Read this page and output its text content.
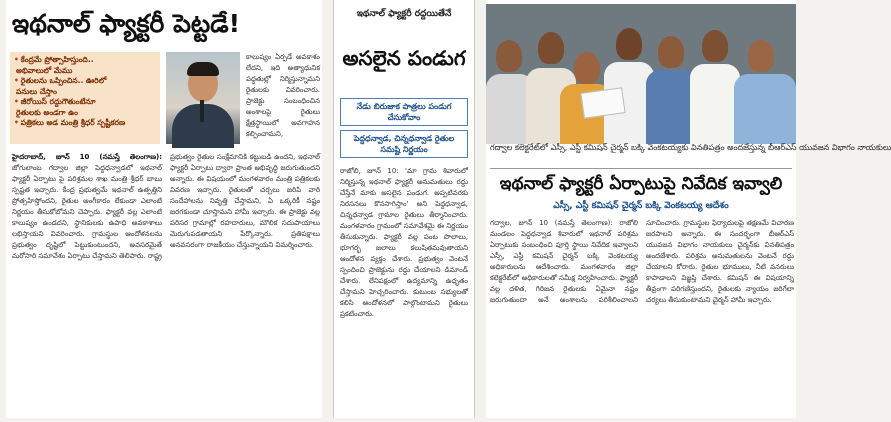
ఇథనాల్ ఫ్యాక్టరీ పెట్టడే!
• కేంద్రమే ప్రోత్సాహిస్తుంది..
అభివాలులో మేము
• రైతులను ఒప్పించిన.. ఊరిలో
పనులు చేస్తాం
• జీరోయిస్ రద్దుగౌతుంటేనూ
రైతులకు అండగా ఉం
• పత్రికలు అడ మంత్రి శ్రీధర్ స్పష్టీకరణ
కాలుష్యం ఏర్పడే అవకాశం లేదని, ఇది అత్యాధునిక పద్ధతుల్లో నిర్మిస్తున్నామని రైతులకు వివరించారు. ప్రాజెక్టు సంబంధించిన అంశాలపై రైతులు క్షేత్రస్థాయిలో అవగాహన కల్పించామని,
హైదరాబాద్, జూన్ 10 (నమస్తే తెలంగాణ): జోగులాంబ గద్వాల జిల్లా పెద్దధన్వాడలో ఇథనాల్ ఫ్యాక్టరీ ఏర్పాటు పై పరిశ్రమల శాఖ మంత్రి శ్రీధర్ బాబు స్పష్టత ఇచ్చారు. కేంద్ర ప్రభుత్వమే ఇథనాల్ ఉత్పత్తిని ప్రోత్సహిస్తోందని, రైతుల అంగీకారం లేకుండా ఎలాంటి నిర్ణయం తీసుకోబోమని చెప్పారు. ఫ్యాక్టరీ వల్ల ఎలాంటి కాలుష్యం ఉండదని, స్థానికులకు ఉపాధి అవకాశాలు లభిస్తాయని వివరించారు. గ్రామస్థుల ఆందోళనలను ప్రభుత్వం దృష్టిలో పెట్టుకుంటుందని, అవసరమైతే మరోసారి సమావేశం ఏర్పాటు చేస్తామని తెలిపారు. రాష్ట్ర ప్రభుత్వం రైతుల సంక్షేమానికి కట్టుబడి ఉందని, ఇథనాల్ ఫ్యాక్టరీ ఏర్పాటు ద్వారా ప్రాంత అభివృద్ధి జరుగుతుందని అన్నారు. ఈ విషయంలో మంగళవారం మంత్రి పత్రికలకు వివరణ ఇచ్చారు. రైతులతో చర్చలు జరిపి వారి సందేహాలను నివృత్తి చేస్తామని, ఏ ఒక్కరికీ నష్టం జరగకుండా చూస్తామని హామీ ఇచ్చారు. ఈ ప్రాజెక్టు వల్ల పరిసర గ్రామాల్లో రహదారులు, మౌలిక సదుపాయాలు మెరుగుపడతాయని పేర్కొన్నారు. ప్రతిపక్షాలు అనవసరంగా రాజకీయం చేస్తున్నాయని విమర్శించారు.
ఇథనాల్ ఫ్యాక్టరీ రద్దయితేనే
అసలైన పండుగ
నేడు బిరుజాక పాత్రలు పండుగ చేసుకోవాం
పెద్దధన్వాడ, చిన్నధన్వాడ రైతుల సమష్టి నిర్ణయం
రాజోలి, జూన్ 10: 'మా గ్రామ శివారులో నిర్మిస్తున్న ఇథనాల్ ఫ్యాక్టరీ అనుమతులు రద్దు చేస్తేనే మాకు అసలైన పండుగ. అప్పటివరకు నిరసనలు కొనసాగిస్తాం' అని పెద్దధన్వాడ, చిన్నధన్వాడ గ్రామాల రైతులు తీర్మానించారు. మంగళవారం గ్రామంలో సమావేశమై ఈ నిర్ణయం తీసుకున్నారు. ఫ్యాక్టరీ వల్ల పంట పొలాలు, భూగర్భ జలాలు కలుషితమవుతాయని ఆందోళన వ్యక్తం చేశారు. ప్రభుత్వం వెంటనే స్పందించి ప్రాజెక్టును రద్దు చేయాలని డిమాండ్ చేశారు. లేనిపక్షంలో ఉద్యమాన్ని ఉధృతం చేస్తామని హెచ్చరించారు. కుటుంబ సభ్యులతో కలిసి ఆందోళనలో పాల్గొంటామని రైతులు ప్రకటించారు.
గద్వాల కలెక్టరేట్‌లో ఎస్సీ, ఎస్టీ కమిషన్ చైర్మన్ బక్కి వెంకటయ్యకు వినతిపత్రం అందజేస్తున్న బీఆర్ఎస్ యువజన విభాగం నాయకులు
ఇథనాల్ ఫ్యాక్టరీ ఏర్పాటుపై నివేదిక ఇవ్వాలి
ఎస్సీ, ఎస్టీ కమిషన్ చైర్మన్ బక్కి వెంకటయ్య ఆదేశం
గద్వాల, జూన్ 10 (నమస్తే తెలంగాణ): రాజోలి మండలం పెద్దధన్వాడ శివారులో ఇథనాల్ పరిశ్రమ ఏర్పాటుకు సంబంధించి పూర్తి స్థాయి నివేదిక ఇవ్వాలని ఎస్సీ, ఎస్టీ కమిషన్ చైర్మన్ బక్కి వెంకటయ్య అధికారులను ఆదేశించారు. మంగళవారం జిల్లా కలెక్టరేట్‌లో అధికారులతో సమీక్ష నిర్వహించారు. ఫ్యాక్టరీ వల్ల దళిత, గిరిజన రైతులకు ఏమైనా నష్టం జరుగుతుందా అనే అంశాలను పరిశీలించాలని సూచించారు. గ్రామస్థుల ఫిర్యాదులపై తక్షణమే విచారణ జరపాలని అన్నారు. ఈ సందర్భంగా బీఆర్ఎస్ యువజన విభాగం నాయకులు చైర్మన్‌కు వినతిపత్రం అందజేశారు. పరిశ్రమ అనుమతులను వెంటనే రద్దు చేయాలని కోరారు. రైతుల భూములు, నీటి వనరులు కాపాడాలని విజ్ఞప్తి చేశారు. కమిషన్ ఈ విషయాన్ని తీవ్రంగా పరిగణిస్తుందని, రైతులకు న్యాయం జరిగేలా చర్యలు తీసుకుంటామని చైర్మన్ హామీ ఇచ్చారు.
